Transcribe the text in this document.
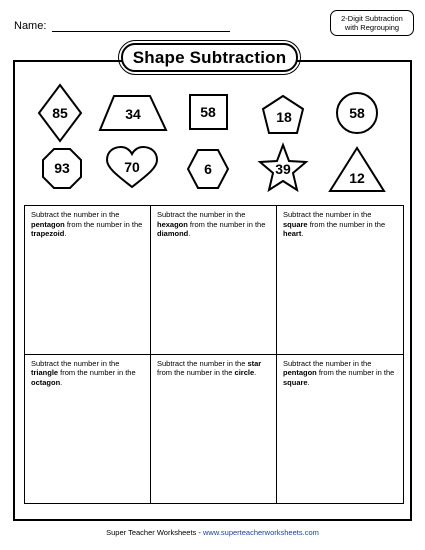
Name:
2-Digit Subtraction
with Regrouping
Shape Subtraction
85	34	58	18	58
93	70	6	39
12
Subtract the number in the pentagon from the number in the trapezoid.
Subtract the number in the hexagon from the number in the diamond.
Subtract the number in the square from the number in the heart.
Subtract the number in the triangle from the number in the octagon.
Subtract the number in the star from the number in the circle.
Subtract the number in the pentagon from the number in the square.
Super Teacher Worksheets - www.superteacherworksheets.com
